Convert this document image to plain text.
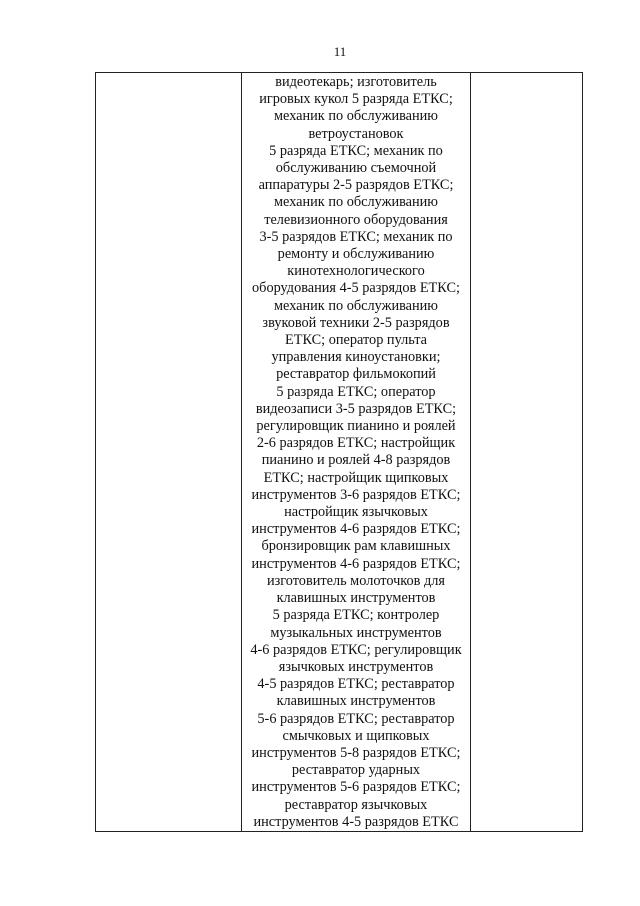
11

видеотекарь; изготовитель
игровых кукол 5 разряда ЕТКС;
механик по обслуживанию
ветроустановок
5 разряда ЕТКС; механик по
обслуживанию съемочной
аппаратуры 2-5 разрядов ЕТКС;
механик по обслуживанию
телевизионного оборудования
3-5 разрядов ЕТКС; механик по
ремонту и обслуживанию
кинотехнологического
оборудования 4-5 разрядов ЕТКС;
механик по обслуживанию
звуковой техники 2-5 разрядов
ЕТКС; оператор пульта
управления киноустановки;
реставратор фильмокопий
5 разряда ЕТКС; оператор
видеозаписи 3-5 разрядов ЕТКС;
регулировщик пианино и роялей
2-6 разрядов ЕТКС; настройщик
пианино и роялей 4-8 разрядов
ЕТКС; настройщик щипковых
инструментов 3-6 разрядов ЕТКС;
настройщик язычковых
инструментов 4-6 разрядов ЕТКС;
бронзировщик рам клавишных
инструментов 4-6 разрядов ЕТКС;
изготовитель молоточков для
клавишных инструментов
5 разряда ЕТКС; контролер
музыкальных инструментов
4-6 разрядов ЕТКС; регулировщик
язычковых инструментов
4-5 разрядов ЕТКС; реставратор
клавишных инструментов
5-6 разрядов ЕТКС; реставратор
смычковых и щипковых
инструментов 5-8 разрядов ЕТКС;
реставратор ударных
инструментов 5-6 разрядов ЕТКС;
реставратор язычковых
инструментов 4-5 разрядов ЕТКС
